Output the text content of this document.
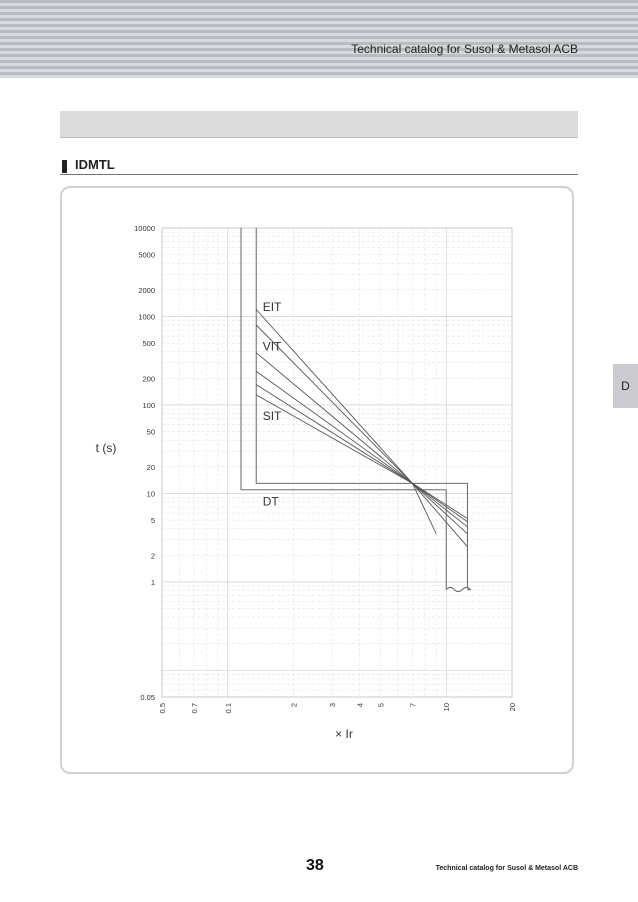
Technical catalog for Susol & Metasol ACB
IDMTL
0.05
1
2
5
10
20
50
100
200
500
1000
2000
5000
10000
0.5	0.7	0.1	2	3 4 5	7	10	20
EIT
VIT
SIT
DT
t (s)
× Ir
D
38	Technical catalog for Susol & Metasol ACB
